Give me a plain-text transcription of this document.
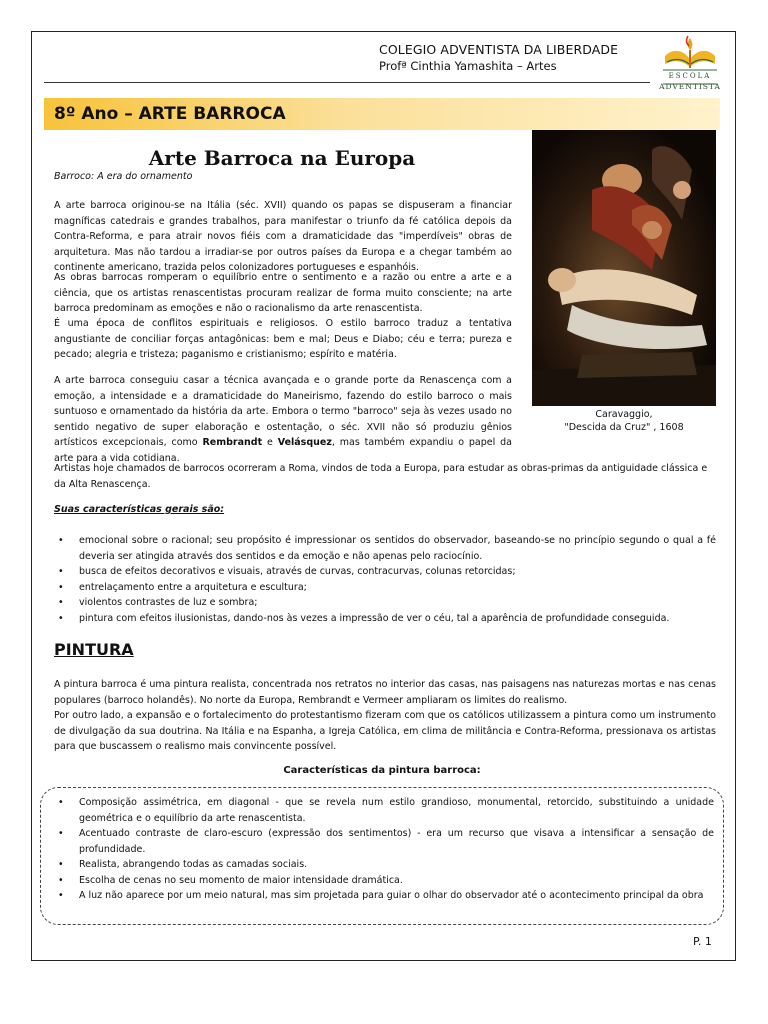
COLEGIO ADVENTISTA DA LIBERDADE
Profª Cinthia Yamashita – Artes
ESCOLA
ADVENTISTA
8º Ano – ARTE BARROCA
Arte Barroca na Europa
Barroco: A era do ornamento
Caravaggio,
"Descida da Cruz" , 1608
A arte barroca originou-se na Itália (séc. XVII) quando os papas se dispuseram a financiar magníficas catedrais e grandes trabalhos, para manifestar o triunfo da fé católica depois da Contra-Reforma, e para atrair novos fiéis com a dramaticidade das "imperdíveis" obras de arquitetura. Mas não tardou a irradiar-se por outros países da Europa e a chegar também ao continente americano, trazida pelos colonizadores portugueses e espanhóis.
As obras barrocas romperam o equilíbrio entre o sentimento e a razão ou entre a arte e a ciência, que os artistas renascentistas procuram realizar de forma muito consciente; na arte barroca predominam as emoções e não o racionalismo da arte renascentista.
É uma época de conflitos espirituais e religiosos. O estilo barroco traduz a tentativa angustiante de conciliar forças antagônicas: bem e mal; Deus e Diabo; céu e terra; pureza e pecado; alegria e tristeza; paganismo e cristianismo; espírito e matéria.
A arte barroca conseguiu casar a técnica avançada e o grande porte da Renascença com a emoção, a intensidade e a dramaticidade do Maneirismo, fazendo do estilo barroco o mais suntuoso e ornamentado da história da arte. Embora o termo "barroco" seja às vezes usado no sentido negativo de super elaboração e ostentação, o séc. XVII não só produziu gênios artísticos excepcionais, como Rembrandt e Velásquez, mas também expandiu o papel da arte para a vida cotidiana.
Artistas hoje chamados de barrocos ocorreram a Roma, vindos de toda a Europa, para estudar as obras-primas da antiguidade clássica e da Alta Renascença.
Suas características gerais são:
• emocional sobre o racional; seu propósito é impressionar os sentidos do observador, baseando-se no princípio segundo o qual a fé deveria ser atingida através dos sentidos e da emoção e não apenas pelo raciocínio.
• busca de efeitos decorativos e visuais, através de curvas, contracurvas, colunas retorcidas;
• entrelaçamento entre a arquitetura e escultura;
• violentos contrastes de luz e sombra;
• pintura com efeitos ilusionistas, dando-nos às vezes a impressão de ver o céu, tal a aparência de profundidade conseguida.
PINTURA
A pintura barroca é uma pintura realista, concentrada nos retratos no interior das casas, nas paisagens nas naturezas mortas e nas cenas populares (barroco holandês). No norte da Europa, Rembrandt e Vermeer ampliaram os limites do realismo.
Por outro lado, a expansão e o fortalecimento do protestantismo fizeram com que os católicos utilizassem a pintura como um instrumento de divulgação da sua doutrina. Na Itália e na Espanha, a Igreja Católica, em clima de militância e Contra-Reforma, pressionava os artistas para que buscassem o realismo mais convincente possível.
Características da pintura barroca:
• Composição assimétrica, em diagonal - que se revela num estilo grandioso, monumental, retorcido, substituindo a unidade geométrica e o equilíbrio da arte renascentista.
• Acentuado contraste de claro-escuro (expressão dos sentimentos) - era um recurso que visava a intensificar a sensação de profundidade.
• Realista, abrangendo todas as camadas sociais.
• Escolha de cenas no seu momento de maior intensidade dramática.
• A luz não aparece por um meio natural, mas sim projetada para guiar o olhar do observador até o acontecimento principal da obra
P. 1
